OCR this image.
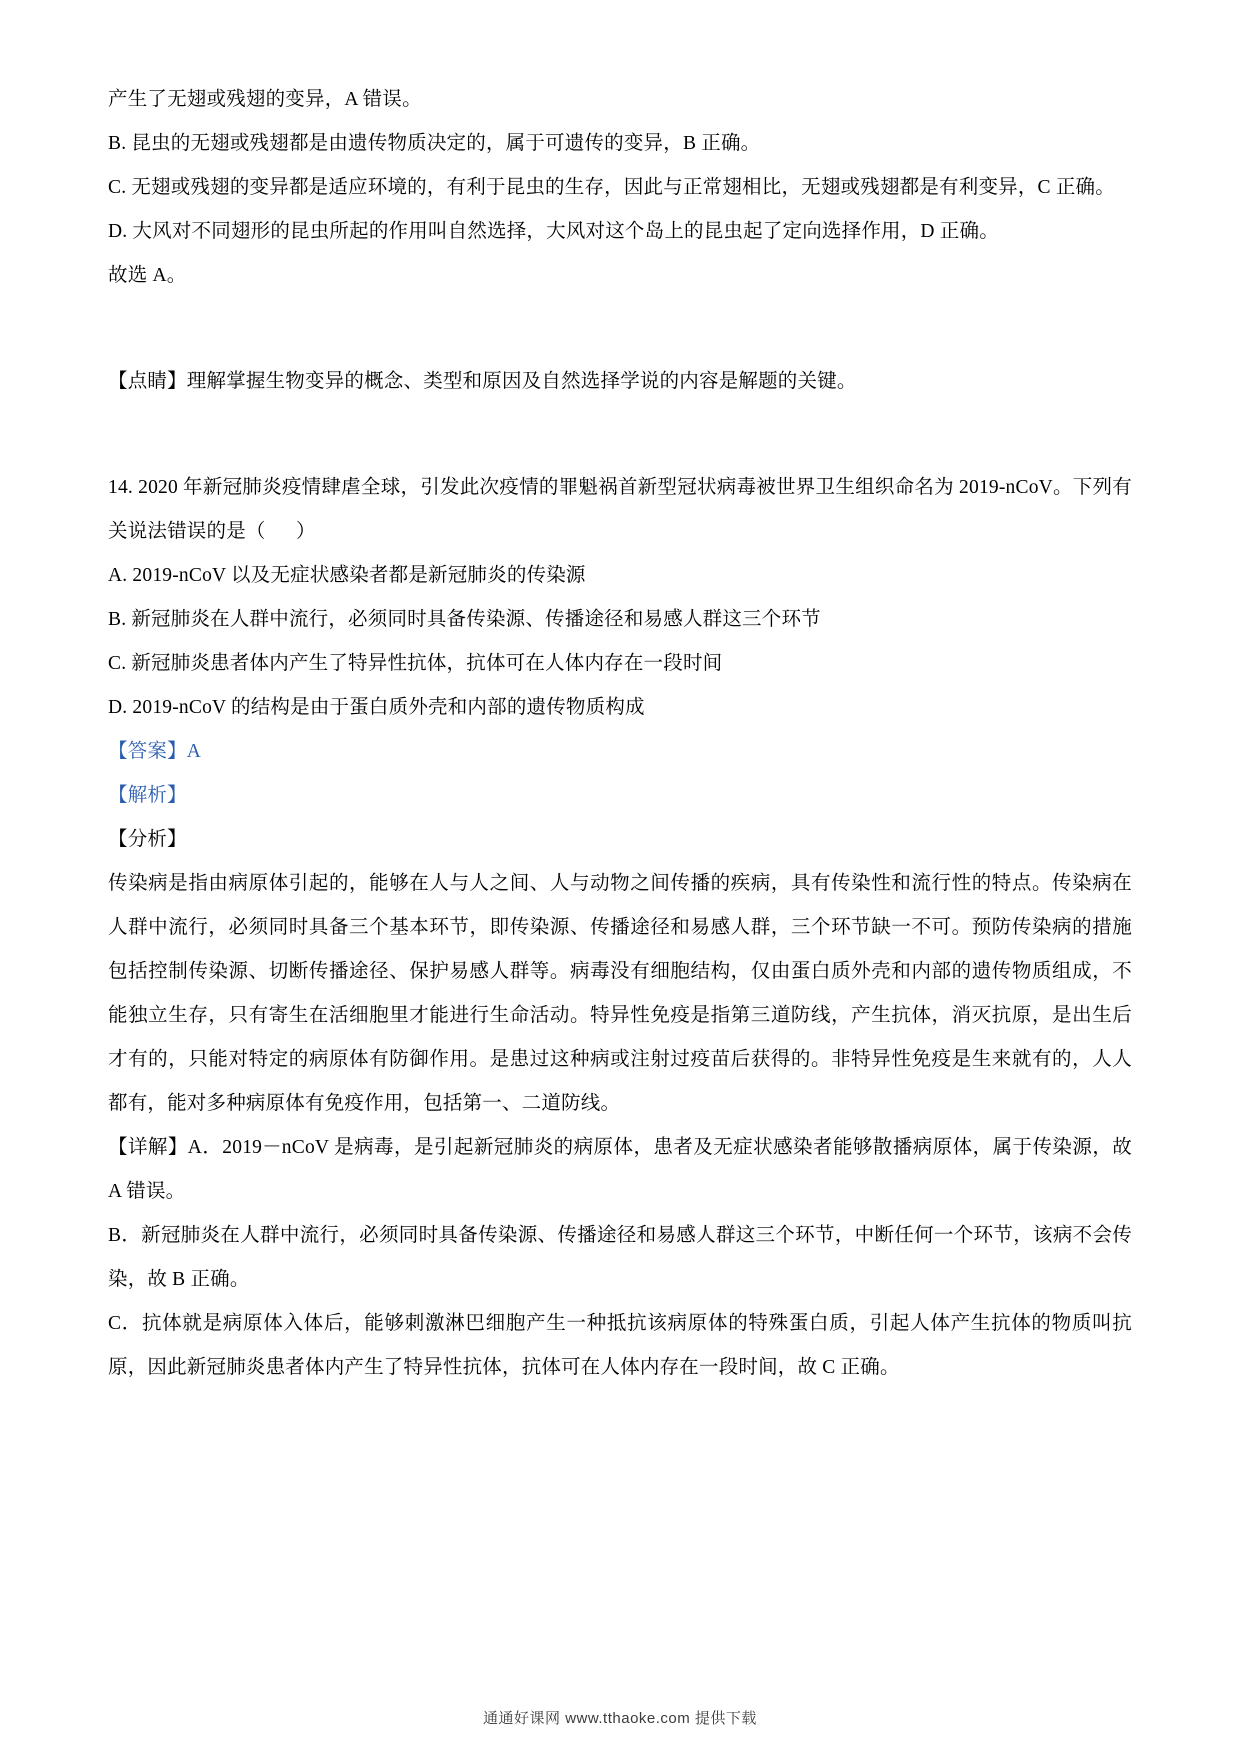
产生了无翅或残翅的变异，A 错误。

B. 昆虫的无翅或残翅都是由遗传物质决定的，属于可遗传的变异，B 正确。

C. 无翅或残翅的变异都是适应环境的，有利于昆虫的生存，因此与正常翅相比，无翅或残翅都是有利变异，C 正确。

D. 大风对不同翅形的昆虫所起的作用叫自然选择，大风对这个岛上的昆虫起了定向选择作用，D 正确。

故选 A。

【点睛】理解掌握生物变异的概念、类型和原因及自然选择学说的内容是解题的关键。

14. 2020 年新冠肺炎疫情肆虐全球，引发此次疫情的罪魁祸首新型冠状病毒被世界卫生组织命名为 2019-nCoV。下列有关说法错误的是（      ）

A. 2019-nCoV 以及无症状感染者都是新冠肺炎的传染源

B. 新冠肺炎在人群中流行，必须同时具备传染源、传播途径和易感人群这三个环节

C. 新冠肺炎患者体内产生了特异性抗体，抗体可在人体内存在一段时间

D. 2019-nCoV 的结构是由于蛋白质外壳和内部的遗传物质构成

【答案】A

【解析】

【分析】

传染病是指由病原体引起的，能够在人与人之间、人与动物之间传播的疾病，具有传染性和流行性的特点。传染病在人群中流行，必须同时具备三个基本环节，即传染源、传播途径和易感人群，三个环节缺一不可。预防传染病的措施包括控制传染源、切断传播途径、保护易感人群等。病毒没有细胞结构，仅由蛋白质外壳和内部的遗传物质组成，不能独立生存，只有寄生在活细胞里才能进行生命活动。特异性免疫是指第三道防线，产生抗体，消灭抗原，是出生后才有的，只能对特定的病原体有防御作用。是患过这种病或注射过疫苗后获得的。非特异性免疫是生来就有的，人人都有，能对多种病原体有免疫作用，包括第一、二道防线。

【详解】A．2019－nCoV 是病毒，是引起新冠肺炎的病原体，患者及无症状感染者能够散播病原体，属于传染源，故 A 错误。

B．新冠肺炎在人群中流行，必须同时具备传染源、传播途径和易感人群这三个环节，中断任何一个环节，该病不会传染，故 B 正确。

C．抗体就是病原体入体后，能够刺激淋巴细胞产生一种抵抗该病原体的特殊蛋白质，引起人体产生抗体的物质叫抗原，因此新冠肺炎患者体内产生了特异性抗体，抗体可在人体内存在一段时间，故 C 正确。

通通好课网 www.tthaoke.com 提供下载
